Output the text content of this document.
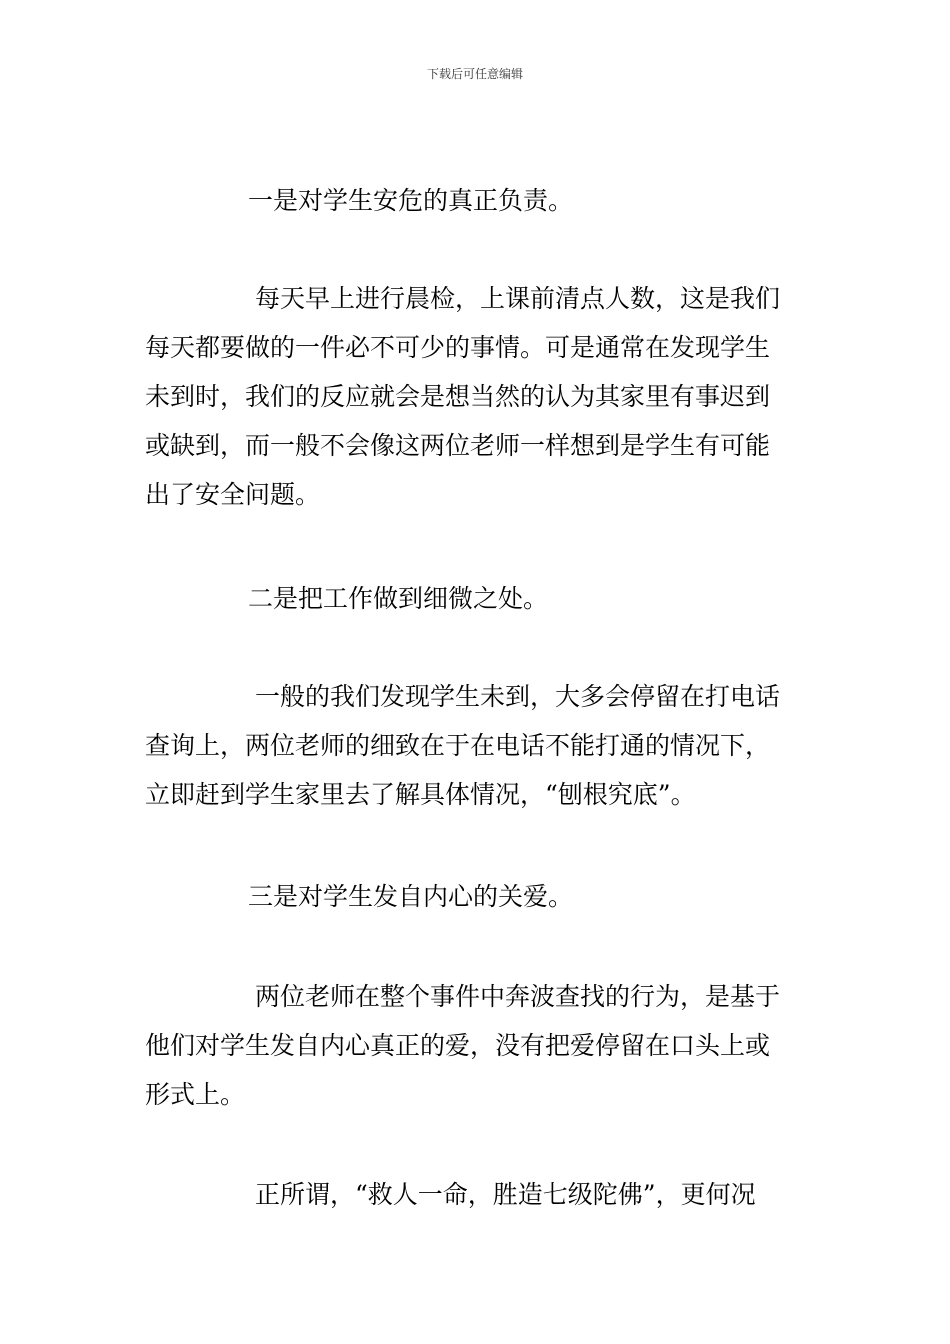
下载后可任意编辑

一是对学生安危的真正负责。

每天早上进行晨检，上课前清点人数，这是我们
每天都要做的一件必不可少的事情。可是通常在发现学生
未到时，我们的反应就会是想当然的认为其家里有事迟到
或缺到，而一般不会像这两位老师一样想到是学生有可能
出了安全问题。

二是把工作做到细微之处。

一般的我们发现学生未到，大多会停留在打电话
查询上，两位老师的细致在于在电话不能打通的情况下，
立即赶到学生家里去了解具体情况，“刨根究底”。

三是对学生发自内心的关爱。

两位老师在整个事件中奔波查找的行为，是基于
他们对学生发自内心真正的爱，没有把爱停留在口头上或
形式上。

正所谓，“救人一命，胜造七级陀佛”，更何况
